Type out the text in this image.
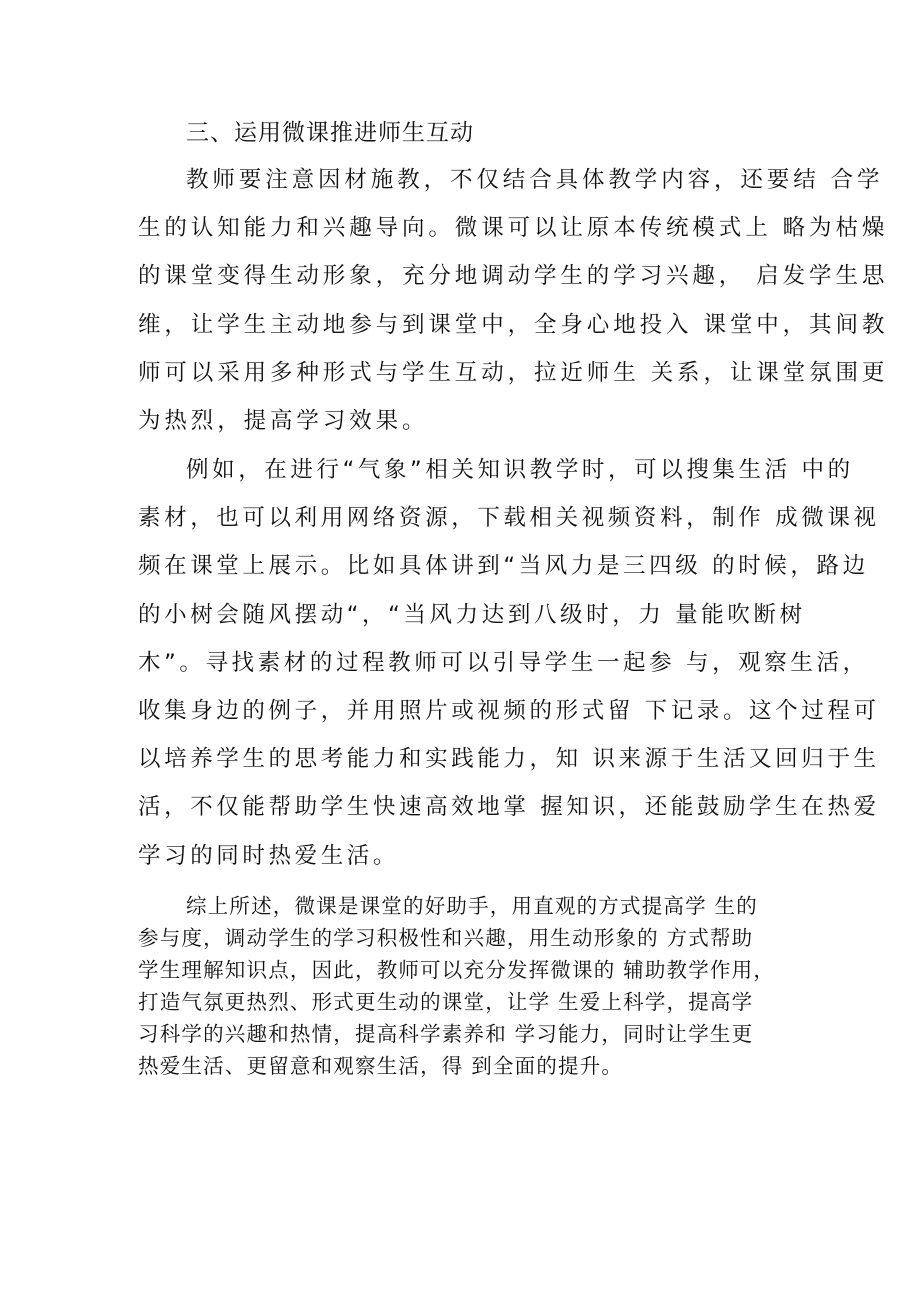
三、运用微课推进师生互动
教师要注意因材施教，不仅结合具体教学内容，还要结 合学
生的认知能力和兴趣导向。微课可以让原本传统模式上 略为枯燥
的课堂变得生动形象，充分地调动学生的学习兴趣， 启发学生思
维，让学生主动地参与到课堂中，全身心地投入 课堂中，其间教
师可以采用多种形式与学生互动，拉近师生 关系，让课堂氛围更
为热烈，提高学习效果。
例如，在进行“气象”相关知识教学时，可以搜集生活 中的
素材，也可以利用网络资源，下载相关视频资料，制作 成微课视
频在课堂上展示。比如具体讲到“当风力是三四级 的时候，路边
的小树会随风摆动“，“当风力达到八级时，力 量能吹断树
木”。寻找素材的过程教师可以引导学生一起参 与，观察生活，
收集身边的例子，并用照片或视频的形式留 下记录。这个过程可
以培养学生的思考能力和实践能力，知 识来源于生活又回归于生
活，不仅能帮助学生快速高效地掌 握知识，还能鼓励学生在热爱
学习的同时热爱生活。
综上所述，微课是课堂的好助手，用直观的方式提高学 生的
参与度，调动学生的学习积极性和兴趣，用生动形象的 方式帮助
学生理解知识点，因此，教师可以充分发挥微课的 辅助教学作用，
打造气氛更热烈、形式更生动的课堂，让学 生爱上科学，提高学
习科学的兴趣和热情，提高科学素养和 学习能力，同时让学生更
热爱生活、更留意和观察生活，得 到全面的提升。
